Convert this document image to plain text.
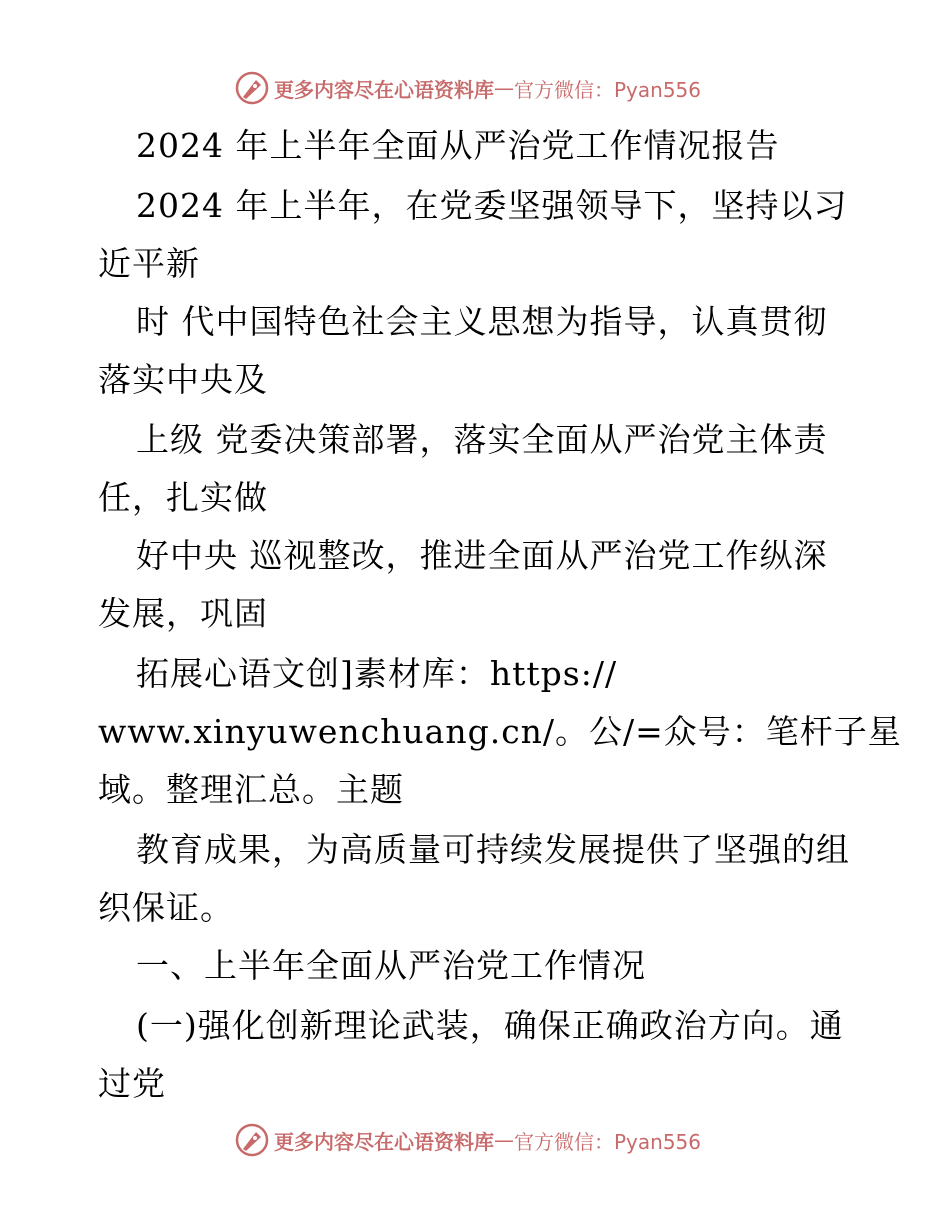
更多内容尽在心语资料库 — 官方微信：Pyan556
2024 年上半年全面从严治党工作情况报告
2024 年上半年，在党委坚强领导下，坚持以习
近平新
时 代中国特色社会主义思想为指导，认真贯彻
落实中央及
上级 党委决策部署，落实全面从严治党主体责
任，扎实做
好中央 巡视整改，推进全面从严治党工作纵深
发展，巩固
拓展心语文创]素材库：https://
www.xinyuwenchuang.cn/。公/=众号：笔杆子星
域。整理汇总。主题
教育成果，为高质量可持续发展提供了坚强的组
织保证。
一、上半年全面从严治党工作情况
(一)强化创新理论武装，确保正确政治方向。通
过党
更多内容尽在心语资料库 — 官方微信：Pyan556
